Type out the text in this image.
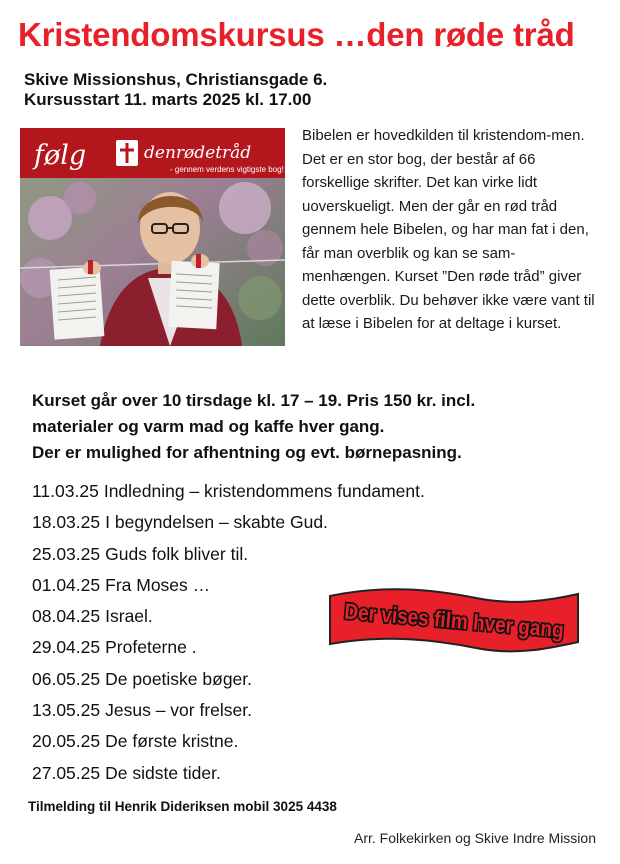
Kristendomskursus …den røde tråd
Skive Missionshus, Christiansgade 6.
Kursusstart 11. marts 2025 kl. 17.00
følg	denrødetråd
- gennem verdens vigtigste bog!
Bibelen er hovedkilden til kristendom-men. Det er en stor bog, der består af 66 forskellige skrifter. Det kan virke lidt uoverskueligt. Men der går en rød tråd gennem hele Bibelen, og har man fat i den, får man overblik og kan se sam-menhængen. Kurset ”Den røde tråd” giver dette overblik. Du behøver ikke være vant til at læse i Bibelen for at deltage i kurset.
Kurset går over 10 tirsdage kl. 17 – 19. Pris 150 kr. incl.
materialer og varm mad og kaffe hver gang.
Der er mulighed for afhentning og evt. børnepasning.
11.03.25 Indledning – kristendommens fundament.
18.03.25 I begyndelsen – skabte Gud.
25.03.25 Guds folk bliver til.
01.04.25 Fra Moses …
08.04.25 Israel.
29.04.25 Profeterne .
06.05.25 De poetiske bøger.
13.05.25 Jesus – vor frelser.
20.05.25 De første kristne.
27.05.25 De sidste tider.
Der vises film hver gang
Tilmelding til Henrik Dideriksen mobil 3025 4438
Arr. Folkekirken og Skive Indre Mission
